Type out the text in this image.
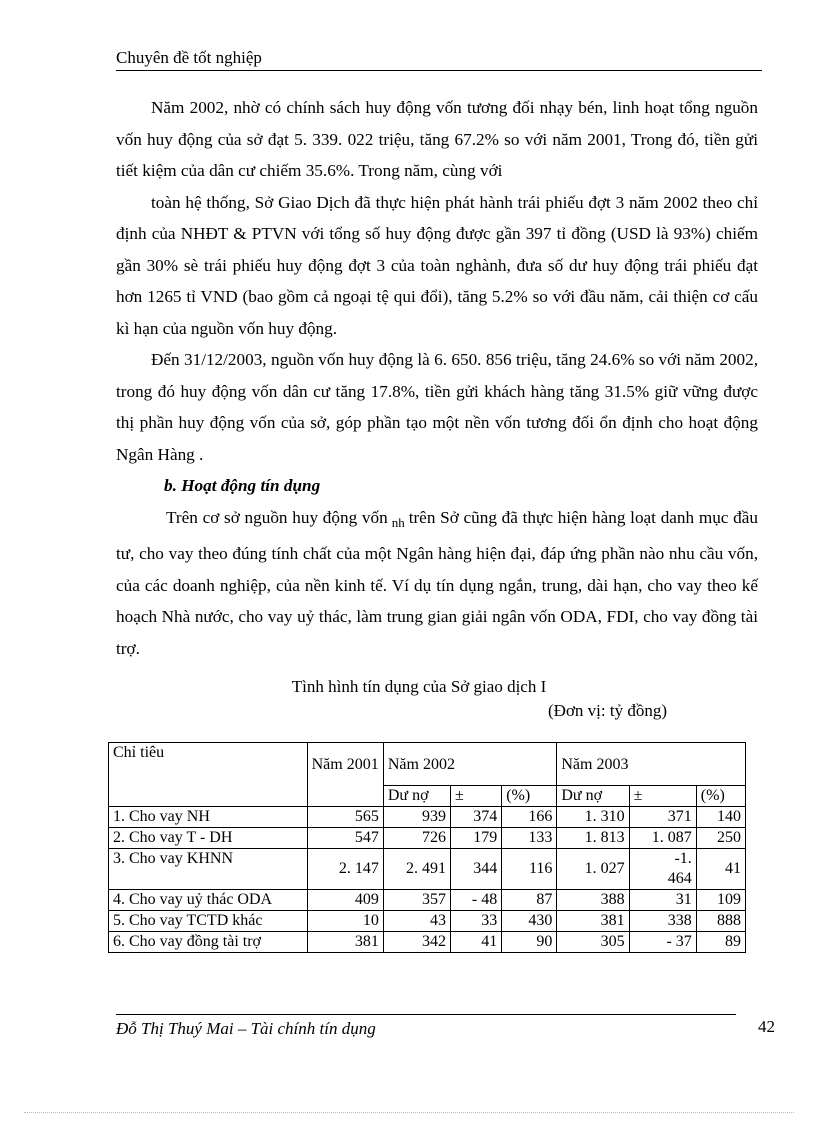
Chuyên đề tốt nghiệp

Năm 2002, nhờ có chính sách huy động vốn tương đối nhạy bén, linh hoạt tổng nguồn vốn huy động của sở đạt 5. 339. 022 triệu, tăng 67.2% so với năm 2001, Trong đó, tiền gửi tiết kiệm của dân cư chiếm 35.6%. Trong năm, cùng với

toàn hệ thống, Sở Giao Dịch đã thực hiện phát hành trái phiếu đợt 3 năm 2002 theo chỉ định của NHĐT & PTVN với tổng số huy động được gần 397 tỉ đồng (USD là 93%) chiếm gần 30% sè trái phiếu huy động đợt 3 của toàn nghành, đưa số dư huy động trái phiếu đạt hơn 1265 tỉ VND (bao gồm cả ngoại tệ qui đổi), tăng 5.2% so với đầu năm, cải thiện cơ cấu kì hạn của nguồn vốn huy động.

Đến 31/12/2003, nguồn vốn huy động là 6. 650. 856 triệu, tăng 24.6% so với năm 2002, trong đó huy động vốn dân cư tăng 17.8%, tiền gửi khách hàng tăng 31.5% giữ vững được thị phần huy động vốn của sở, góp phần tạo một nền vốn tương đối ổn định cho hoạt động Ngân Hàng .

b. Hoạt động tín dụng

Trên cơ sở nguồn huy động vốn $_{nh}$ trên Sở cũng đã thực hiện hàng loạt danh mục đầu tư, cho vay theo đúng tính chất của một Ngân hàng hiện đại, đáp ứng phần nào nhu cầu vốn, của các doanh nghiệp, của nền kinh tế. Ví dụ tín dụng ngắn, trung, dài hạn, cho vay theo kế hoạch Nhà nước, cho vay uỷ thác, làm trung gian giải ngân vốn ODA, FDI, cho vay đồng tài trợ.

Tình hình tín dụng của Sở giao dịch I
(Đơn vị: tỷ đồng)
Chỉ tiêu	Năm 2001	Năm 2002			Năm 2003		
		Dư nợ	±	(%)	Dư nợ	±	(%)
1. Cho vay NH	565	939	374	166	1. 310	371	140
2. Cho vay T - DH	547	726	179	133	1. 813	1. 087	250
3. Cho vay KHNN	2. 147	2. 491	344	116	1. 027	-1. 464	41
4. Cho vay uỷ thác ODA	409	357	- 48	87	388	31	109
5. Cho vay TCTD khác	10	43	33	430	381	338	888
6. Cho vay đồng tài trợ	381	342	41	90	305	- 37	89
Đỗ Thị Thuý Mai – Tài chính tín dụng	42
